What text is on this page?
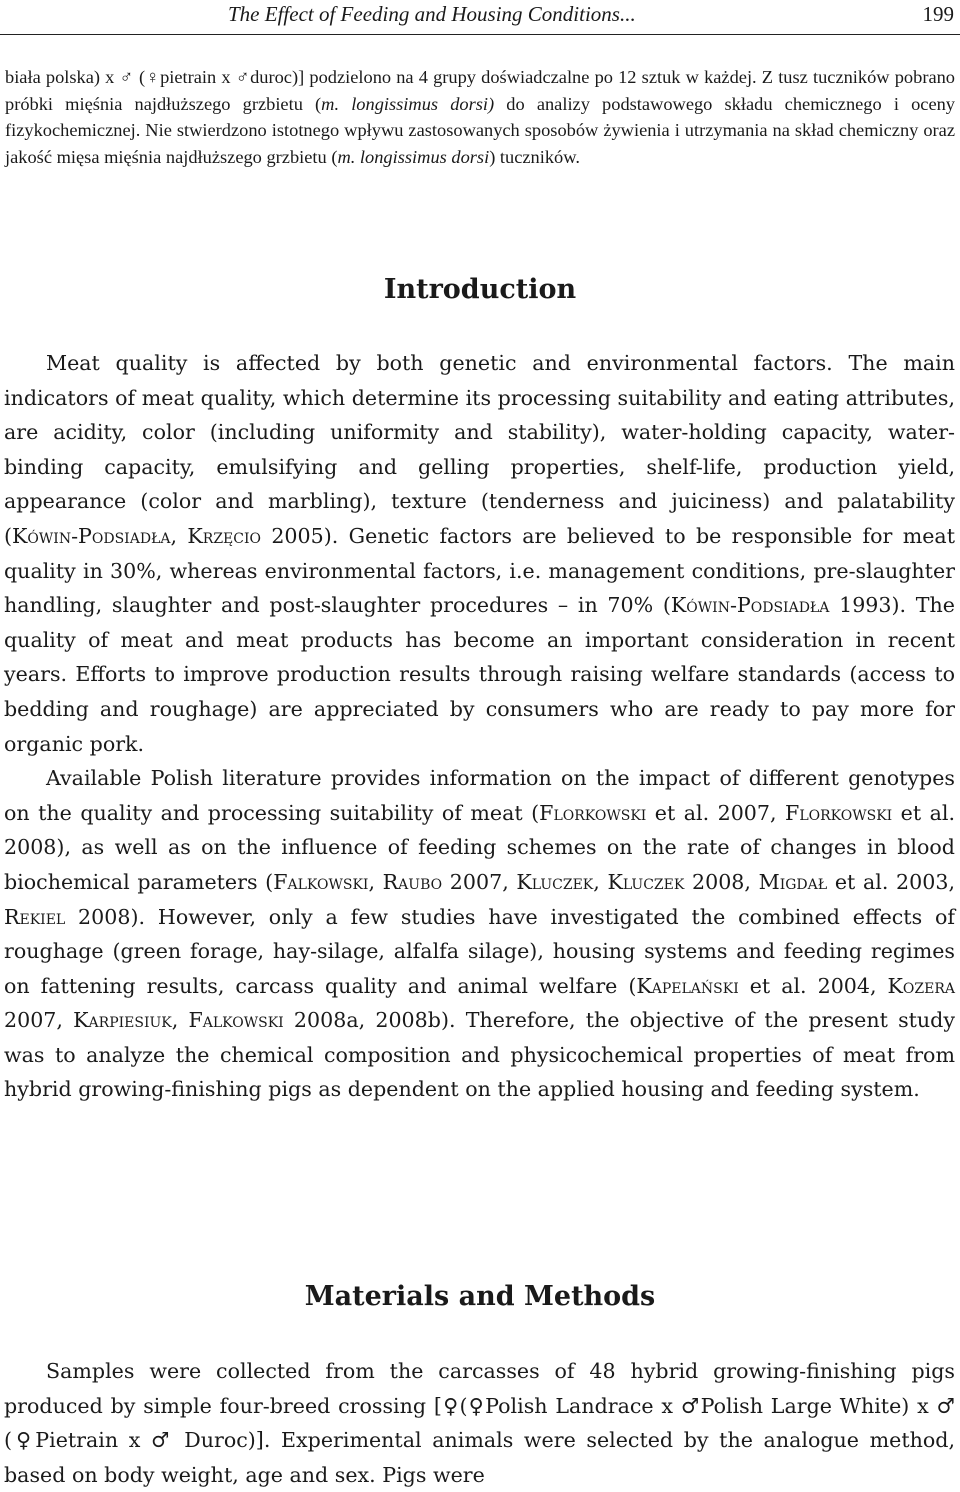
The Effect of Feeding and Housing Conditions...	199

biała polska) x ♂ (♀pietrain x ♂duroc)] podzielono na 4 grupy doświadczalne po 12 sztuk w każdej. Z tusz tuczników pobrano próbki mięśnia najdłuższego grzbietu (m. longissimus dorsi) do analizy podstawowego składu chemicznego i oceny fizykochemicznej. Nie stwierdzono istotnego wpływu zastosowanych sposobów żywienia i utrzymania na skład chemiczny oraz jakość mięsa mięśnia najdłuższego grzbietu (m. longissimus dorsi) tuczników.

Introduction

Meat quality is affected by both genetic and environmental factors. The main indicators of meat quality, which determine its processing suitability and eating attributes, are acidity, color (including uniformity and stability), water-holding capacity, water-binding capacity, emulsifying and gelling properties, shelf-life, production yield, appearance (color and marbling), texture (tenderness and juiciness) and palatability (Kówin-Podsiadła, Krzęcio 2005). Genetic factors are believed to be responsible for meat quality in 30%, whereas environmental factors, i.e. management conditions, pre-slaughter handling, slaughter and post-slaughter procedures – in 70% (Kówin-Podsiadła 1993). The quality of meat and meat products has become an important consideration in recent years. Efforts to improve production results through raising welfare standards (access to bedding and roughage) are appreciated by consumers who are ready to pay more for organic pork.

Available Polish literature provides information on the impact of different genotypes on the quality and processing suitability of meat (Florkowski et al. 2007, Florkowski et al. 2008), as well as on the influence of feeding schemes on the rate of changes in blood biochemical parameters (Falkowski, Raubo 2007, Kluczek, Kluczek 2008, Migdał et al. 2003, Rekiel 2008). However, only a few studies have investigated the combined effects of roughage (green forage, hay-silage, alfalfa silage), housing systems and feeding regimes on fattening results, carcass quality and animal welfare (Kapelański et al. 2004, Kozera 2007, Karpiesiuk, Falkowski 2008a, 2008b). Therefore, the objective of the present study was to analyze the chemical composition and physicochemical properties of meat from hybrid growing-finishing pigs as dependent on the applied housing and feeding system.

Materials and Methods

Samples were collected from the carcasses of 48 hybrid growing-finishing pigs produced by simple four-breed crossing [♀(♀Polish Landrace x ♂Polish Large White) x ♂ (♀Pietrain x ♂ Duroc)]. Experimental animals were selected by the analogue method, based on body weight, age and sex. Pigs were
